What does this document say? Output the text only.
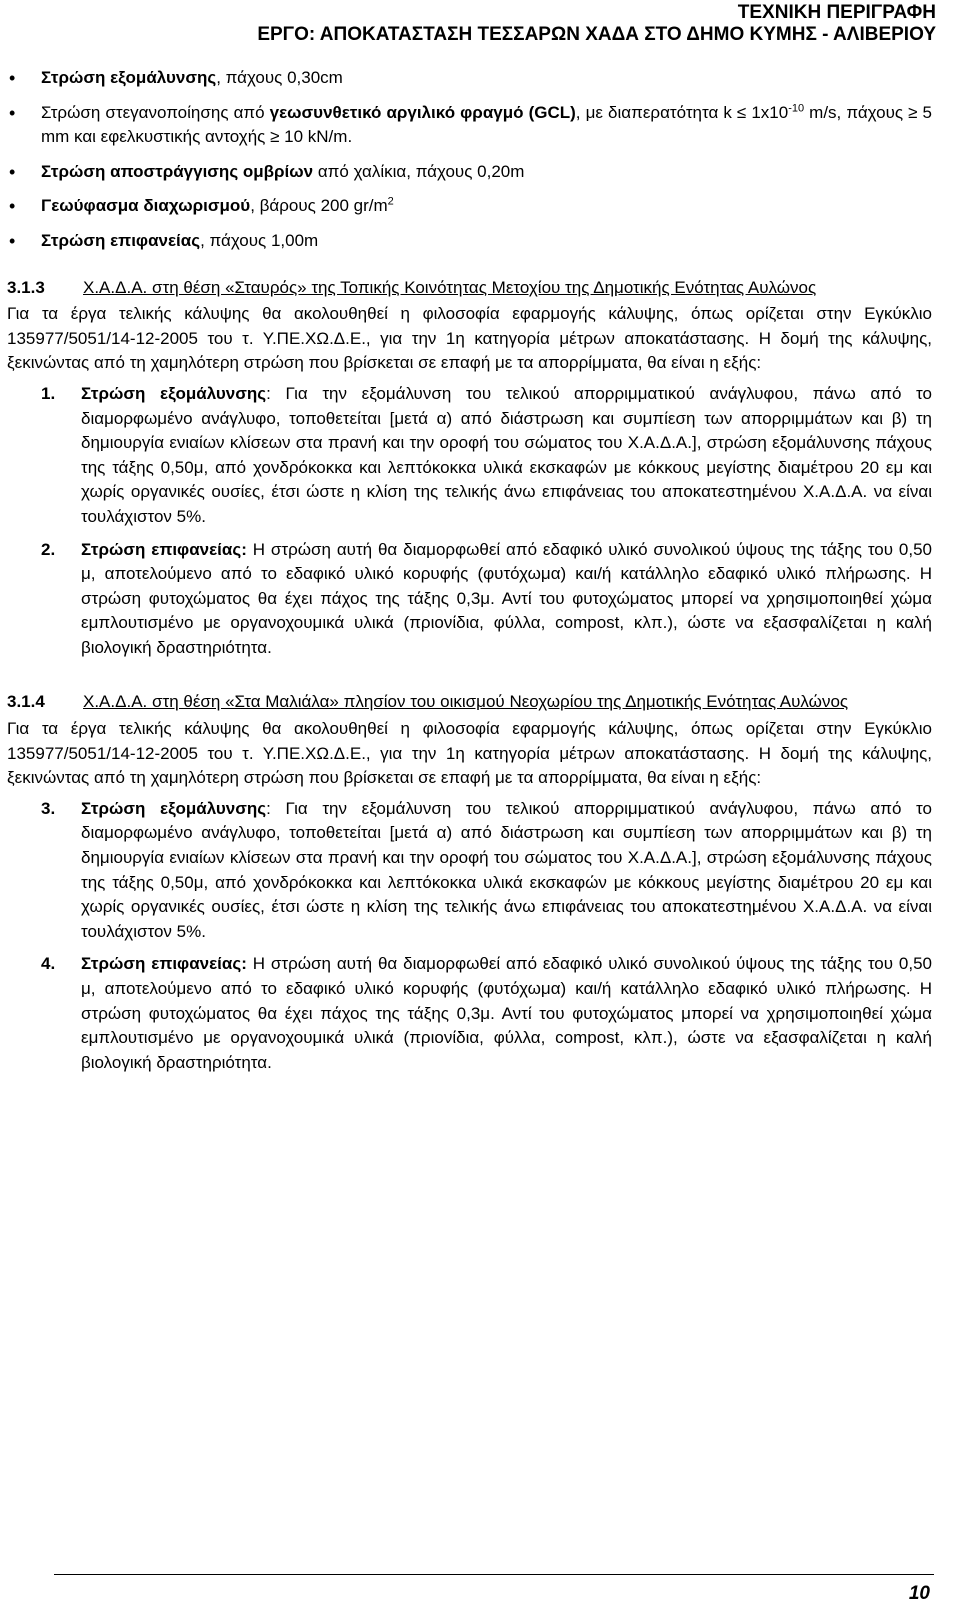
ΤΕΧΝΙΚΗ ΠΕΡΙΓΡΑΦΗ
ΕΡΓΟ: ΑΠΟΚΑΤΑΣΤΑΣΗ ΤΕΣΣΑΡΩΝ ΧΑΔΑ ΣΤΟ ΔΗΜΟ ΚΥΜΗΣ - ΑΛΙΒΕΡΙΟΥ
• Στρώση εξομάλυνσης, πάχους 0,30cm
• Στρώση στεγανοποίησης από γεωσυνθετικό αργιλικό φραγμό (GCL), με διαπερατότητα $k \le 1x10^{-10}$ m/s, πάχους ≥ 5 mm και εφελκυστικής αντοχής ≥ 10 kN/m.
• Στρώση αποστράγγισης ομβρίων από χαλίκια, πάχους 0,20m
• Γεωύφασμα διαχωρισμού, βάρους 200 $gr/m^2$
• Στρώση επιφανείας, πάχους 1,00m
3.1.3	Χ.Α.Δ.Α. στη θέση «Σταυρός» της Τοπικής Κοινότητας Μετοχίου της Δημοτικής Ενότητας Αυλώνος

Για τα έργα τελικής κάλυψης θα ακολουθηθεί η φιλοσοφία εφαρμογής κάλυψης, όπως ορίζεται στην Εγκύκλιο 135977/5051/14-12-2005 του τ. Υ.ΠΕ.ΧΩ.Δ.Ε., για την 1η κατηγορία μέτρων αποκατάστασης. Η δομή της κάλυψης, ξεκινώντας από τη χαμηλότερη στρώση που βρίσκεται σε επαφή με τα απορρίμματα, θα είναι η εξής:

1. Στρώση εξομάλυνσης: Για την εξομάλυνση του τελικού απορριμματικού ανάγλυφου, πάνω από το διαμορφωμένο ανάγλυφο, τοποθετείται [μετά α) από διάστρωση και συμπίεση των απορριμμάτων και β) τη δημιουργία ενιαίων κλίσεων στα πρανή και την οροφή του σώματος του Χ.Α.Δ.Α.], στρώση εξομάλυνσης πάχους της τάξης 0,50μ, από χονδρόκοκκα και λεπτόκοκκα υλικά εκσκαφών με κόκκους μεγίστης διαμέτρου 20 εμ και χωρίς οργανικές ουσίες, έτσι ώστε η κλίση της τελικής άνω επιφάνειας του αποκατεστημένου Χ.Α.Δ.Α. να είναι τουλάχιστον 5%.
2. Στρώση επιφανείας: Η στρώση αυτή θα διαμορφωθεί από εδαφικό υλικό συνολικού ύψους της τάξης του 0,50 μ, αποτελούμενο από το εδαφικό υλικό κορυφής (φυτόχωμα) και/ή κατάλληλο εδαφικό υλικό πλήρωσης. Η στρώση φυτοχώματος θα έχει πάχος της τάξης 0,3μ. Αντί του φυτοχώματος μπορεί να χρησιμοποιηθεί χώμα εμπλουτισμένο με οργανοχουμικά υλικά (πριονίδια, φύλλα, compost, κλπ.), ώστε να εξασφαλίζεται η καλή βιολογική δραστηριότητα.
3.1.4	Χ.Α.Δ.Α. στη θέση «Στα Μαλιάλα» πλησίον του οικισμού Νεοχωρίου της Δημοτικής Ενότητας Αυλώνος

Για τα έργα τελικής κάλυψης θα ακολουθηθεί η φιλοσοφία εφαρμογής κάλυψης, όπως ορίζεται στην Εγκύκλιο 135977/5051/14-12-2005 του τ. Υ.ΠΕ.ΧΩ.Δ.Ε., για την 1η κατηγορία μέτρων αποκατάστασης. Η δομή της κάλυψης, ξεκινώντας από τη χαμηλότερη στρώση που βρίσκεται σε επαφή με τα απορρίμματα, θα είναι η εξής:

3. Στρώση εξομάλυνσης: Για την εξομάλυνση του τελικού απορριμματικού ανάγλυφου, πάνω από το διαμορφωμένο ανάγλυφο, τοποθετείται [μετά α) από διάστρωση και συμπίεση των απορριμμάτων και β) τη δημιουργία ενιαίων κλίσεων στα πρανή και την οροφή του σώματος του Χ.Α.Δ.Α.], στρώση εξομάλυνσης πάχους της τάξης 0,50μ, από χονδρόκοκκα και λεπτόκοκκα υλικά εκσκαφών με κόκκους μεγίστης διαμέτρου 20 εμ και χωρίς οργανικές ουσίες, έτσι ώστε η κλίση της τελικής άνω επιφάνειας του αποκατεστημένου Χ.Α.Δ.Α. να είναι τουλάχιστον 5%.
4. Στρώση επιφανείας: Η στρώση αυτή θα διαμορφωθεί από εδαφικό υλικό συνολικού ύψους της τάξης του 0,50 μ, αποτελούμενο από το εδαφικό υλικό κορυφής (φυτόχωμα) και/ή κατάλληλο εδαφικό υλικό πλήρωσης. Η στρώση φυτοχώματος θα έχει πάχος της τάξης 0,3μ. Αντί του φυτοχώματος μπορεί να χρησιμοποιηθεί χώμα εμπλουτισμένο με οργανοχουμικά υλικά (πριονίδια, φύλλα, compost, κλπ.), ώστε να εξασφαλίζεται η καλή βιολογική δραστηριότητα.
10
